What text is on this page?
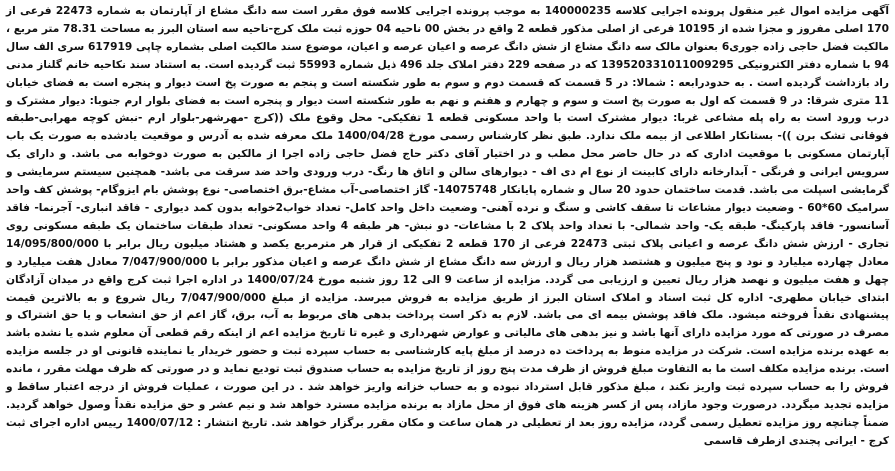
آگهی مزایده اموال غیر منقول پرونده اجرایی کلاسه 140000235 به موجب پرونده اجرایی کلاسه فوق مقرر است سه دانگ مشاع از آپارتمان به شماره 22473 فرعی از 170 اصلی مفروز و مجزا شده از 10195 فرعی از اصلی مذکور قطعه 2 واقع در بخش 00 ناحیه 04 حوزه ثبت ملک کرج-ناحیه سه استان البرز به مساحت 78.31 متر مربع ، مالکیت فضل حاجی زاده جوری6 بعنوان مالک سه دانگ مشاع از شش دانگ عرصه و اعیان عرصه و اعیان، موضوع سند مالکیت اصلی بشماره چاپی 617919 سری الف سال 94 با شماره دفتر الکترونیکی 139520331011009295 که در صفحه 229 دفتر املاک جلد 496 ذیل شماره 55993 ثبت گردیده است. به استناد سند نکاحیه خانم گلناز مدنی راد بازداشت گردیده است . به حدودرابعه : شمالا: در 5 قسمت که قسمت دوم و سوم به طور شکسته است و پنجم به صورت پخ است دیوار و پنجره است به فضای خیابان 11 متری شرقا: در 9 قسمت که اول به صورت پخ است و سوم و چهارم و هفتم و نهم به طور شکسته است دیوار و پنجره است به فضای بلوار ارم جنوبا: دیوار مشترک و درب ورود است به راه پله مشاعی غربا: دیوار مشترک است با واحد مسکونی قطعه 1 تفکیکی- محل وقوع ملک ((کرج -مهرشهر-بلوار ارم -نبش کوچه مهرابی-طبقه فوقانی تشک برن ))- بستانکار اطلاعی از بیمه ملک ندارد. طبق نظر کارشناس رسمی مورخ 1400/04/28 ملک معرفه شده به آدرس و موقعیت یادشده به صورت یک باب آپارتمان مسکونی با موقعیت اداری که در حال حاضر محل مطب و در اختیار آقای دکتر حاج فضل حاجی زاده اجرا از مالکین به صورت دوخوابه می باشد. و دارای یک سرویس ایرانی و فرنگی - آبدارخانه دارای کابینت از نوع ام دی اف - دیوارهای سالن و اتاق ها رنگ- درب ورودی واحد ضد سرقت می باشد- همچنین سیستم سرمایشی و گرمایشی اسپلت می باشد. قدمت ساختمان حدود 20 سال و شماره پایانکار 14075748- گاز اختصاصی-آب مشاع-برق اختصاصی- نوع پوشش بام ایزوگام- پوشش کف واحد سرامیک 60*60 - وضعیت دیوار مشاعات تا سقف کاشی و سنگ و نرده آهنی- وضعیت داخل واحد کامل- تعداد خواب2خوابه بدون کمد دیواری - فاقد انباری- آجرنما- فاقد آسانسور- فاقد پارکینگ- طبقه یک- واحد شمالی- با تعداد واحد پلاک 2 با مشاعات- دو نبش- هر طبقه 4 واحد مسکونی- تعداد طبقات ساختمان یک طبقه مسکونی روی تجاری - ارزش شش دانگ عرصه و اعیانی پلاک ثبتی 22473 فرعی از 170 قطعه 2 تفکیکی از قرار هر مترمربع یکصد و هشتاد میلیون ریال برابر با 14/095/800/000 معادل چهارده میلیارد و نود و پنج میلیون و هشتصد هزار ریال و ارزش سه دانگ مشاع از شش دانگ عرصه و اعیان مذکور برابر با 7/047/900/000 معادل هفت میلیارد و چهل و هفت میلیون و نهصد هزار ریال تعیین و ارزیابی می گردد. مزایده از ساعت 9 الی 12 روز شنبه مورخ 1400/07/24 در اداره اجرا ثبت کرج واقع در میدان آزادگان ابتدای خیابان مطهری- اداره کل ثبت اسناد و املاک استان البرز از طریق مزایده به فروش میرسد. مزایده از مبلغ 7/047/900/000 ریال شروع و به بالاترین قیمت پیشنهادی نقداً فروخته میشود. ملک فاقد پوشش بیمه ای می باشد. لازم به ذکر است پرداخت بدهی های مربوط به آب، برق، گاز اعم از حق انشعاب و یا حق اشتراک و مصرف در صورتی که مورد مزایده دارای آنها باشد و نیز بدهی های مالیاتی و عوارض شهرداری و غیره تا تاریخ مزایده اعم از اینکه رقم قطعی آن معلوم شده یا نشده باشد به عهده برنده مزایده است. شرکت در مزایده منوط به پرداخت ده درصد از مبلغ پایه کارشناسی به حساب سپرده ثبت و حضور خریدار یا نماینده قانونی او در جلسه مزایده است. برنده مزایده مکلف است ما به التفاوت مبلغ فروش از ظرف مدت پنج روز از تاریخ مزایده به حساب صندوق ثبت تودیع نماید و در صورتی که ظرف مهلت مقرر ، مانده فروش را به حساب سپرده ثبت واریز نکند ، مبلغ مذکور قابل استرداد نبوده و به حساب خزانه واریز خواهد شد . در این صورت ، عملیات فروش از درجه اعتبار ساقط و مزایده تجدید میگردد. درصورت وجود مازاد، پس از کسر هزینه های فوق از محل مازاد به برنده مزایده مسترد خواهد شد و نیم عشر و حق مزایده نقداً وصول خواهد گردید. ضمناً چنانچه روز مزایده تعطیل رسمی گردد، مزایده روز بعد از تعطیلی در همان ساعت و مکان مقرر برگزار خواهد شد. تاریخ انتشار : 1400/07/12 رییس اداره اجرای ثبت کرج - ایرانی پجندی ازطرف قاسمی
